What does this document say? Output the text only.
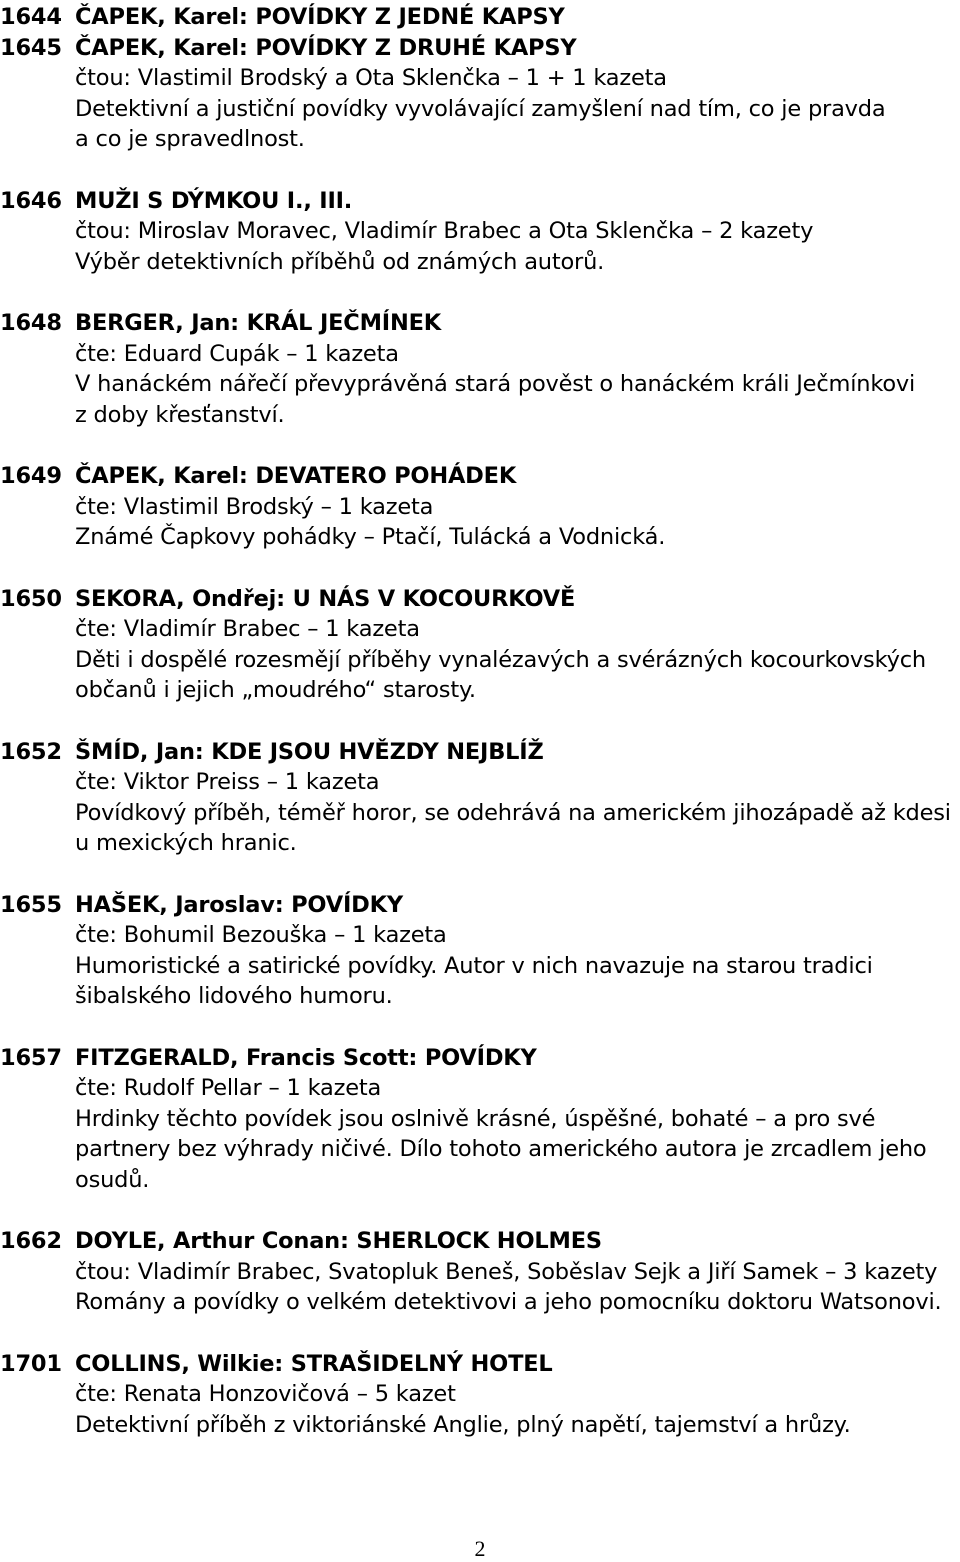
1644 ČAPEK, Karel: POVÍDKY Z JEDNÉ KAPSY
1645 ČAPEK, Karel: POVÍDKY Z DRUHÉ KAPSY
čtou: Vlastimil Brodský a Ota Sklenčka – 1 + 1 kazeta
Detektivní a justiční povídky vyvolávající zamyšlení nad tím, co je pravda
a co je spravedlnost.
1646 MUŽI S DÝMKOU I., III.
čtou: Miroslav Moravec, Vladimír Brabec a Ota Sklenčka – 2 kazety
Výběr detektivních příběhů od známých autorů.
1648 BERGER, Jan: KRÁL JEČMÍNEK
čte: Eduard Cupák – 1 kazeta
V hanáckém nářečí převyprávěná stará pověst o hanáckém králi Ječmínkovi
z doby křesťanství.
1649 ČAPEK, Karel: DEVATERO POHÁDEK
čte: Vlastimil Brodský – 1 kazeta
Známé Čapkovy pohádky – Ptačí, Tulácká a Vodnická.
1650 SEKORA, Ondřej: U NÁS V KOCOURKOVĚ
čte: Vladimír Brabec – 1 kazeta
Děti i dospělé rozesmějí příběhy vynalézavých a svérázných kocourkovských
občanů i jejich „moudrého“ starosty.
1652 ŠMÍD, Jan: KDE JSOU HVĚZDY NEJBLÍŽ
čte: Viktor Preiss – 1 kazeta
Povídkový příběh, téměř horor, se odehrává na americkém jihozápadě až kdesi
u mexických hranic.
1655 HAŠEK, Jaroslav: POVÍDKY
čte: Bohumil Bezouška – 1 kazeta
Humoristické a satirické povídky. Autor v nich navazuje na starou tradici
šibalského lidového humoru.
1657 FITZGERALD, Francis Scott: POVÍDKY
čte: Rudolf Pellar – 1 kazeta
Hrdinky těchto povídek jsou oslnivě krásné, úspěšné, bohaté – a pro své
partnery bez výhrady ničivé. Dílo tohoto amerického autora je zrcadlem jeho
osudů.
1662 DOYLE, Arthur Conan: SHERLOCK HOLMES
čtou: Vladimír Brabec, Svatopluk Beneš, Soběslav Sejk a Jiří Samek – 3 kazety
Romány a povídky o velkém detektivovi a jeho pomocníku doktoru Watsonovi.
1701 COLLINS, Wilkie: STRAŠIDELNÝ HOTEL
čte: Renata Honzovičová – 5 kazet
Detektivní příběh z viktoriánské Anglie, plný napětí, tajemství a hrůzy.
2
